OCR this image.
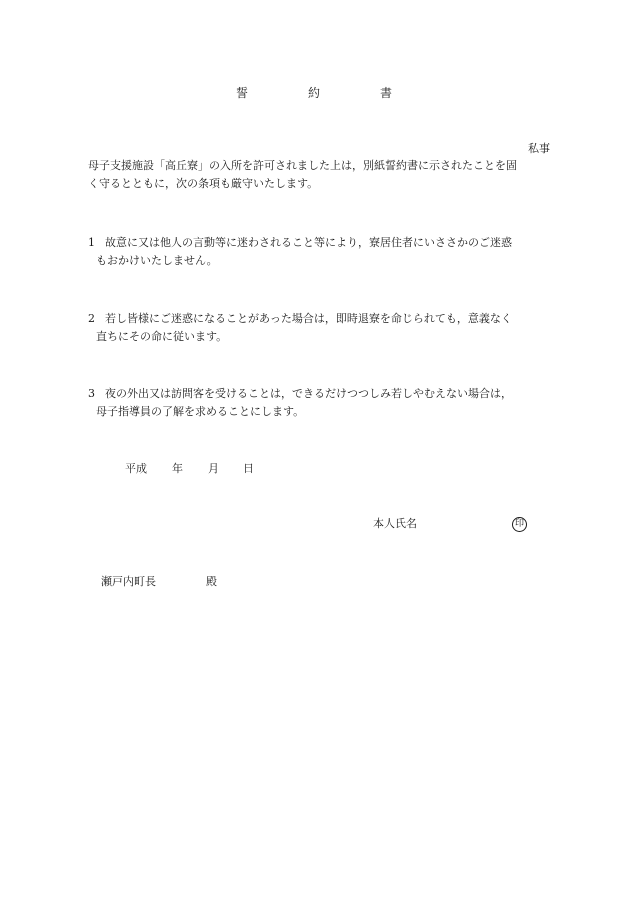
誓	約	書

私事

母子支援施設「高丘寮」の入所を許可されました上は，別紙誓約書に示されたことを固
く守るとともに，次の条項も厳守いたします。
1 故意に又は他人の言動等に迷わされること等により，寮居住者にいささかのご迷惑
もおかけいたしません。
2 若し皆様にご迷惑になることがあった場合は，即時退寮を命じられても，意義なく
直ちにその命に従います。
3 夜の外出又は訪問客を受けることは，できるだけつつしみ若しやむえない場合は，
母子指導員の了解を求めることにします。
平成 年 月 日
本人氏名	印
瀬戸内町長	殿
